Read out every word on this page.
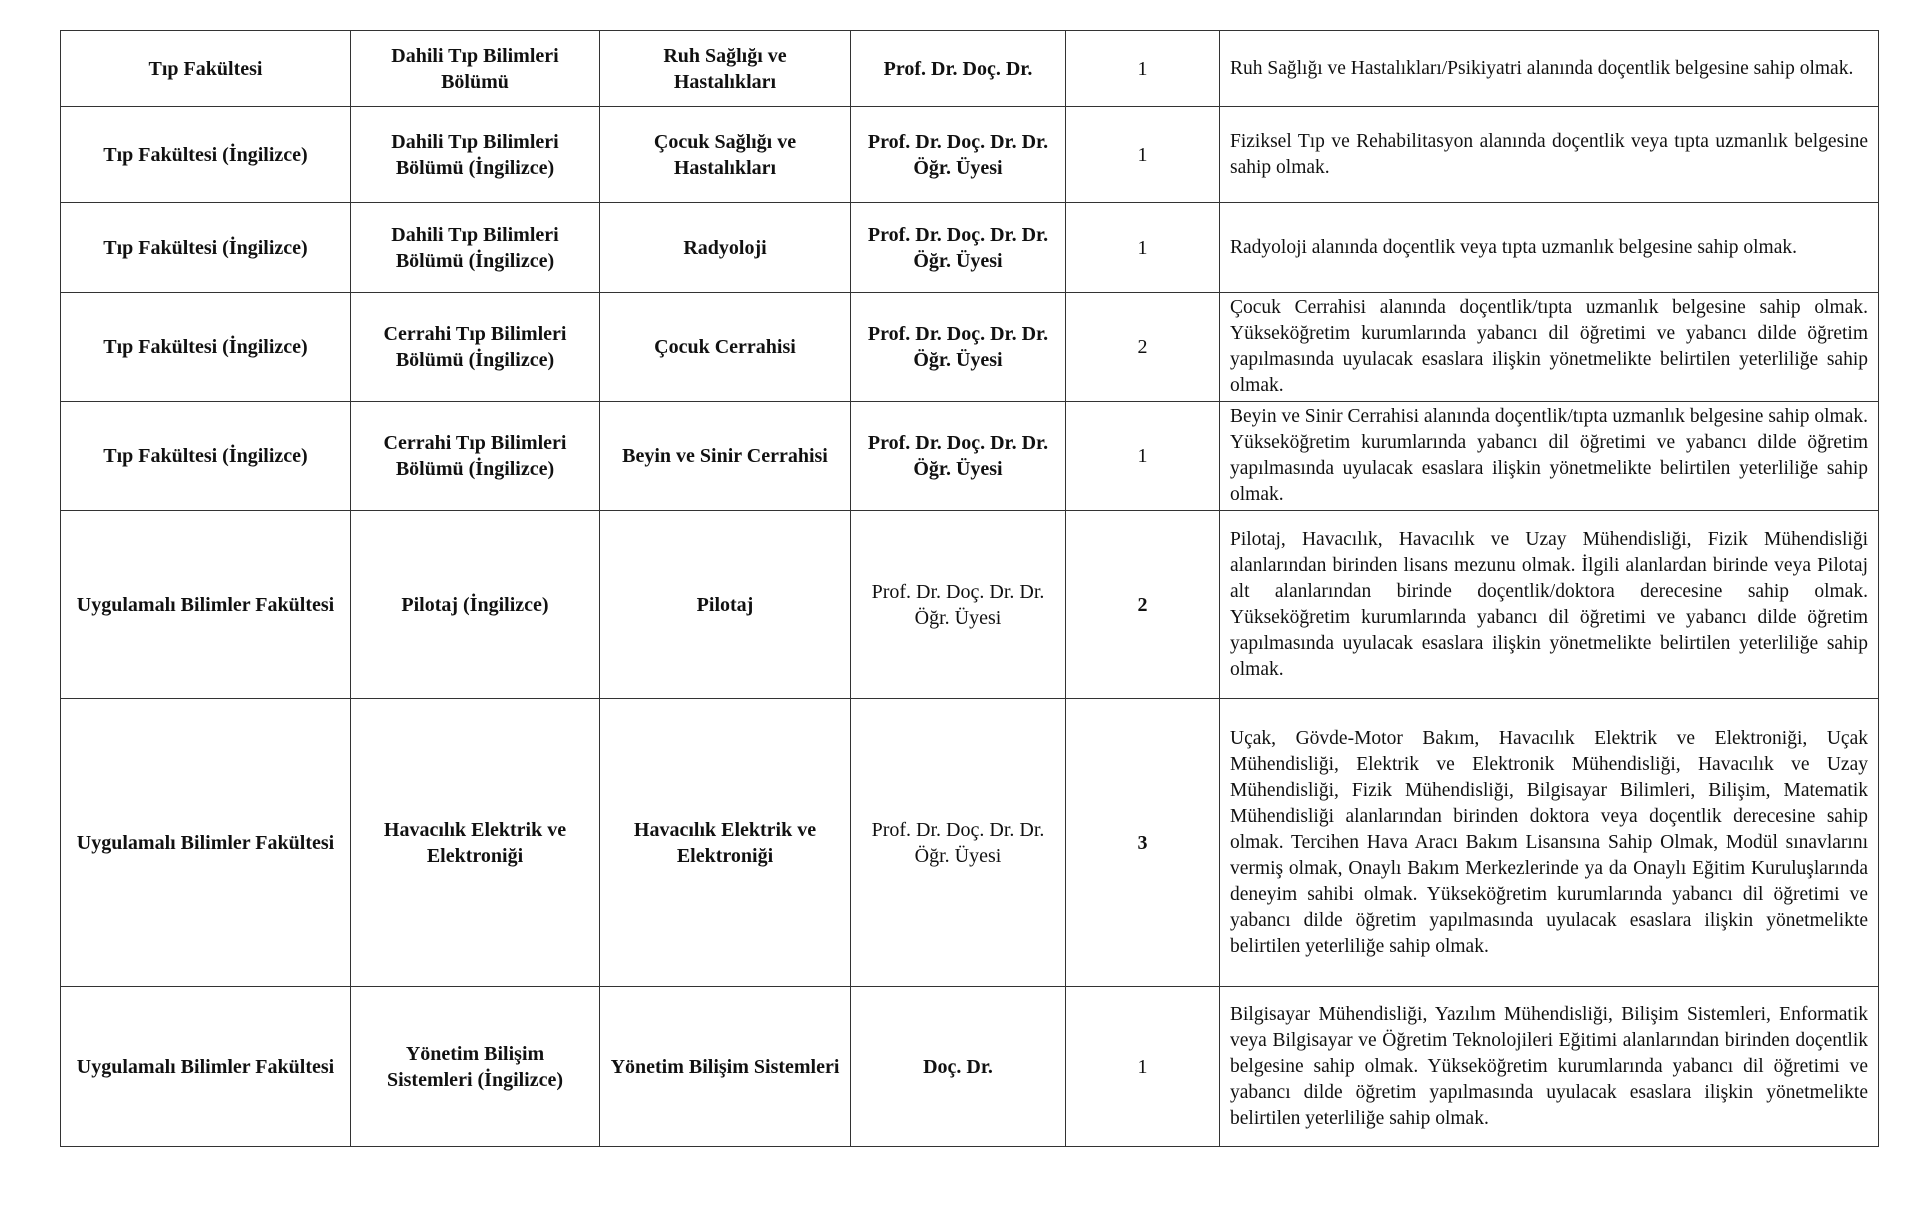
Tıp Fakültesi	Dahili Tıp Bilimleri Bölümü	Ruh Sağlığı ve Hastalıkları	Prof. Dr. Doç. Dr.	1	Ruh Sağlığı ve Hastalıkları/Psikiyatri alanında doçentlik belgesine sahip olmak.
Tıp Fakültesi (İngilizce)	Dahili Tıp Bilimleri Bölümü (İngilizce)	Çocuk Sağlığı ve Hastalıkları	Prof. Dr. Doç. Dr. Dr. Öğr. Üyesi	1	Fiziksel Tıp ve Rehabilitasyon alanında doçentlik veya tıpta uzmanlık belgesine sahip olmak.
Tıp Fakültesi (İngilizce)	Dahili Tıp Bilimleri Bölümü (İngilizce)	Radyoloji	Prof. Dr. Doç. Dr. Dr. Öğr. Üyesi	1	Radyoloji alanında doçentlik veya tıpta uzmanlık belgesine sahip olmak.
Tıp Fakültesi (İngilizce)	Cerrahi Tıp Bilimleri Bölümü (İngilizce)	Çocuk Cerrahisi	Prof. Dr. Doç. Dr. Dr. Öğr. Üyesi	2	Çocuk Cerrahisi alanında doçentlik/tıpta uzmanlık belgesine sahip olmak. Yükseköğretim kurumlarında yabancı dil öğretimi ve yabancı dilde öğretim yapılmasında uyulacak esaslara ilişkin yönetmelikte belirtilen yeterliliğe sahip olmak.
Tıp Fakültesi (İngilizce)	Cerrahi Tıp Bilimleri Bölümü (İngilizce)	Beyin ve Sinir Cerrahisi	Prof. Dr. Doç. Dr. Dr. Öğr. Üyesi	1	Beyin ve Sinir Cerrahisi alanında doçentlik/tıpta uzmanlık belgesine sahip olmak. Yükseköğretim kurumlarında yabancı dil öğretimi ve yabancı dilde öğretim yapılmasında uyulacak esaslara ilişkin yönetmelikte belirtilen yeterliliğe sahip olmak.
Uygulamalı Bilimler Fakültesi	Pilotaj (İngilizce)	Pilotaj	Prof. Dr. Doç. Dr. Dr. Öğr. Üyesi	2	Pilotaj, Havacılık, Havacılık ve Uzay Mühendisliği, Fizik Mühendisliği alanlarından birinden lisans mezunu olmak. İlgili alanlardan birinde veya Pilotaj alt alanlarından birinde doçentlik/doktora derecesine sahip olmak. Yükseköğretim kurumlarında yabancı dil öğretimi ve yabancı dilde öğretim yapılmasında uyulacak esaslara ilişkin yönetmelikte belirtilen yeterliliğe sahip olmak.
Uygulamalı Bilimler Fakültesi	Havacılık Elektrik ve Elektroniği	Havacılık Elektrik ve Elektroniği	Prof. Dr. Doç. Dr. Dr. Öğr. Üyesi	3	Uçak, Gövde-Motor Bakım, Havacılık Elektrik ve Elektroniği, Uçak Mühendisliği, Elektrik ve Elektronik Mühendisliği, Havacılık ve Uzay Mühendisliği, Fizik Mühendisliği, Bilgisayar Bilimleri, Bilişim, Matematik Mühendisliği alanlarından birinden doktora veya doçentlik derecesine sahip olmak. Tercihen Hava Aracı Bakım Lisansına Sahip Olmak, Modül sınavlarını vermiş olmak, Onaylı Bakım Merkezlerinde ya da Onaylı Eğitim Kuruluşlarında deneyim sahibi olmak. Yükseköğretim kurumlarında yabancı dil öğretimi ve yabancı dilde öğretim yapılmasında uyulacak esaslara ilişkin yönetmelikte belirtilen yeterliliğe sahip olmak.
Uygulamalı Bilimler Fakültesi	Yönetim Bilişim Sistemleri (İngilizce)	Yönetim Bilişim Sistemleri	Doç. Dr.	1	Bilgisayar Mühendisliği, Yazılım Mühendisliği, Bilişim Sistemleri, Enformatik veya Bilgisayar ve Öğretim Teknolojileri Eğitimi alanlarından birinden doçentlik belgesine sahip olmak. Yükseköğretim kurumlarında yabancı dil öğretimi ve yabancı dilde öğretim yapılmasında uyulacak esaslara ilişkin yönetmelikte belirtilen yeterliliğe sahip olmak.
